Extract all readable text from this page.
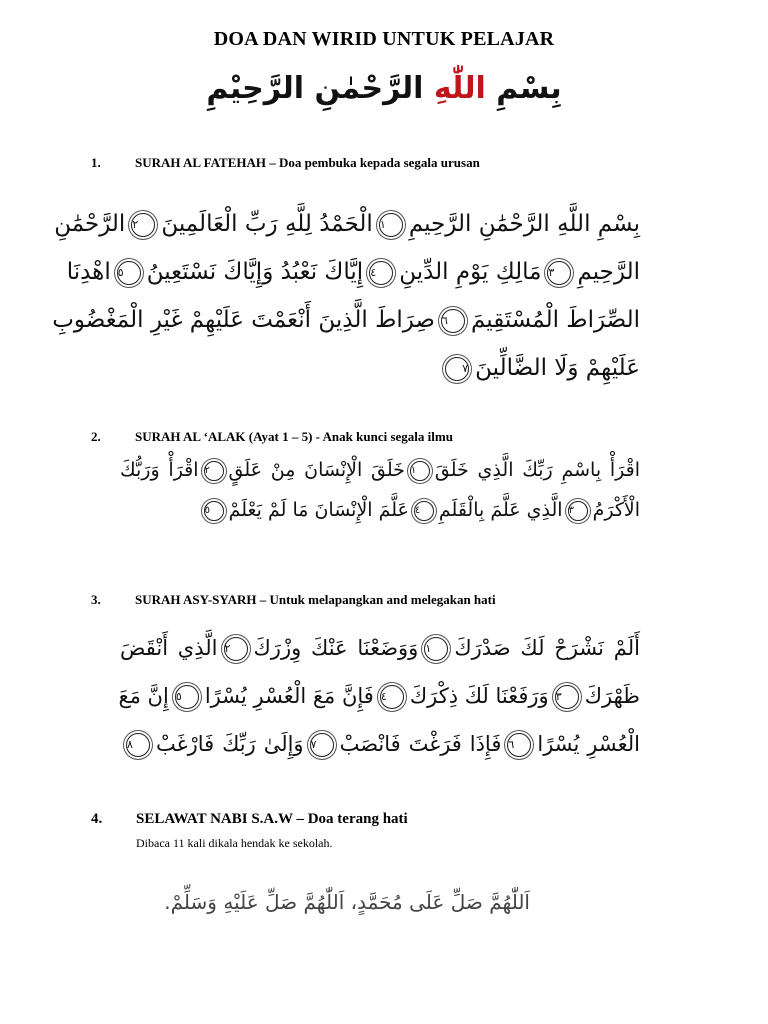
DOA DAN WIRID UNTUK PELAJAR
بِسْمِ اللّٰهِ الرَّحْمٰنِ الرَّحِيْمِ
1.	SURAH AL FATEHAH – Doa pembuka kepada segala urusan
بِسْمِ اللَّهِ الرَّحْمَٰنِ الرَّحِيمِ١الْحَمْدُ لِلَّهِ رَبِّ الْعَالَمِينَ٢الرَّحْمَٰنِ
الرَّحِيمِ٣مَالِكِ يَوْمِ الدِّينِ٤إِيَّاكَ نَعْبُدُ وَإِيَّاكَ نَسْتَعِينُ٥اهْدِنَا
الصِّرَاطَ الْمُسْتَقِيمَ٦صِرَاطَ الَّذِينَ أَنْعَمْتَ عَلَيْهِمْ غَيْرِ الْمَغْضُوبِ
عَلَيْهِمْ وَلَا الضَّالِّينَ٧
2.	SURAH AL ‘ALAK (Ayat 1 – 5) - Anak kunci segala ilmu
اقْرَأْ بِاسْمِ رَبِّكَ الَّذِي خَلَقَ١خَلَقَ الْإِنْسَانَ مِنْ عَلَقٍ٢اقْرَأْ وَرَبُّكَ
الْأَكْرَمُ٣الَّذِي عَلَّمَ بِالْقَلَمِ٤عَلَّمَ الْإِنْسَانَ مَا لَمْ يَعْلَمْ٥
3.	SURAH ASY-SYARH – Untuk melapangkan and melegakan hati
أَلَمْ نَشْرَحْ لَكَ صَدْرَكَ١وَوَضَعْنَا عَنْكَ وِزْرَكَ٢الَّذِي أَنْقَضَ
ظَهْرَكَ٣وَرَفَعْنَا لَكَ ذِكْرَكَ٤فَإِنَّ مَعَ الْعُسْرِ يُسْرًا٥إِنَّ مَعَ
الْعُسْرِ يُسْرًا٦فَإِذَا فَرَغْتَ فَانْصَبْ٧وَإِلَىٰ رَبِّكَ فَارْغَبْ٨
4. SELAWAT NABI S.A.W – Doa terang hati
Dibaca 11 kali dikala hendak ke sekolah.
اَللّٰهُمَّ صَلِّ عَلَى مُحَمَّدٍ، اَللّٰهُمَّ صَلِّ عَلَيْهِ وَسَلِّمْ.
